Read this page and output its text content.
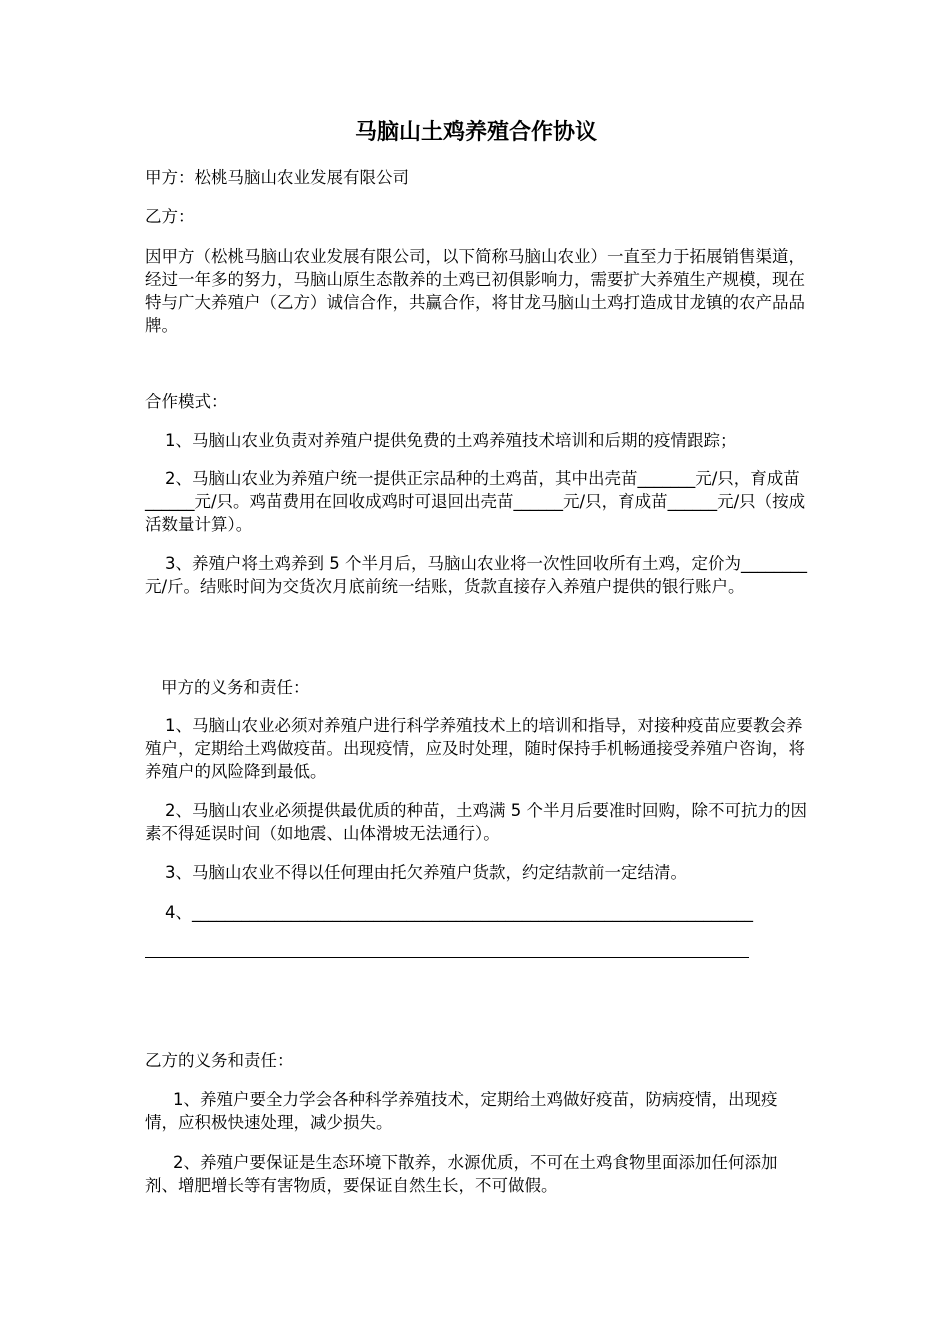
马脑山土鸡养殖合作协议

甲方：松桃马脑山农业发展有限公司

乙方：

因甲方（松桃马脑山农业发展有限公司，以下简称马脑山农业）一直至力于拓展销售渠道，经过一年多的努力，马脑山原生态散养的土鸡已初俱影响力，需要扩大养殖生产规模，现在特与广大养殖户（乙方）诚信合作，共赢合作，将甘龙马脑山土鸡打造成甘龙镇的农产品品牌。

合作模式：

1、马脑山农业负责对养殖户提供免费的土鸡养殖技术培训和后期的疫情跟踪；

2、马脑山农业为养殖户统一提供正宗品种的土鸡苗，其中出壳苗_______元/只，育成苗______元/只。鸡苗费用在回收成鸡时可退回出壳苗______元/只，育成苗______元/只（按成活数量计算）。

3、养殖户将土鸡养到 5 个半月后，马脑山农业将一次性回收所有土鸡，定价为________元/斤。结账时间为交货次月底前统一结账，货款直接存入养殖户提供的银行账户。

甲方的义务和责任：

1、马脑山农业必须对养殖户进行科学养殖技术上的培训和指导，对接种疫苗应要教会养殖户，定期给土鸡做疫苗。出现疫情，应及时处理，随时保持手机畅通接受养殖户咨询，将养殖户的风险降到最低。

2、马脑山农业必须提供最优质的种苗，土鸡满 5 个半月后要准时回购，除不可抗力的因素不得延误时间（如地震、山体滑坡无法通行）。

3、马脑山农业不得以任何理由托欠养殖户货款，约定结款前一定结清。

4、____________________________________________________________________

乙方的义务和责任：

1、养殖户要全力学会各种科学养殖技术，定期给土鸡做好疫苗，防病疫情，出现疫情，应积极快速处理，减少损失。

2、养殖户要保证是生态环境下散养，水源优质，不可在土鸡食物里面添加任何添加剂、增肥增长等有害物质，要保证自然生长，不可做假。
